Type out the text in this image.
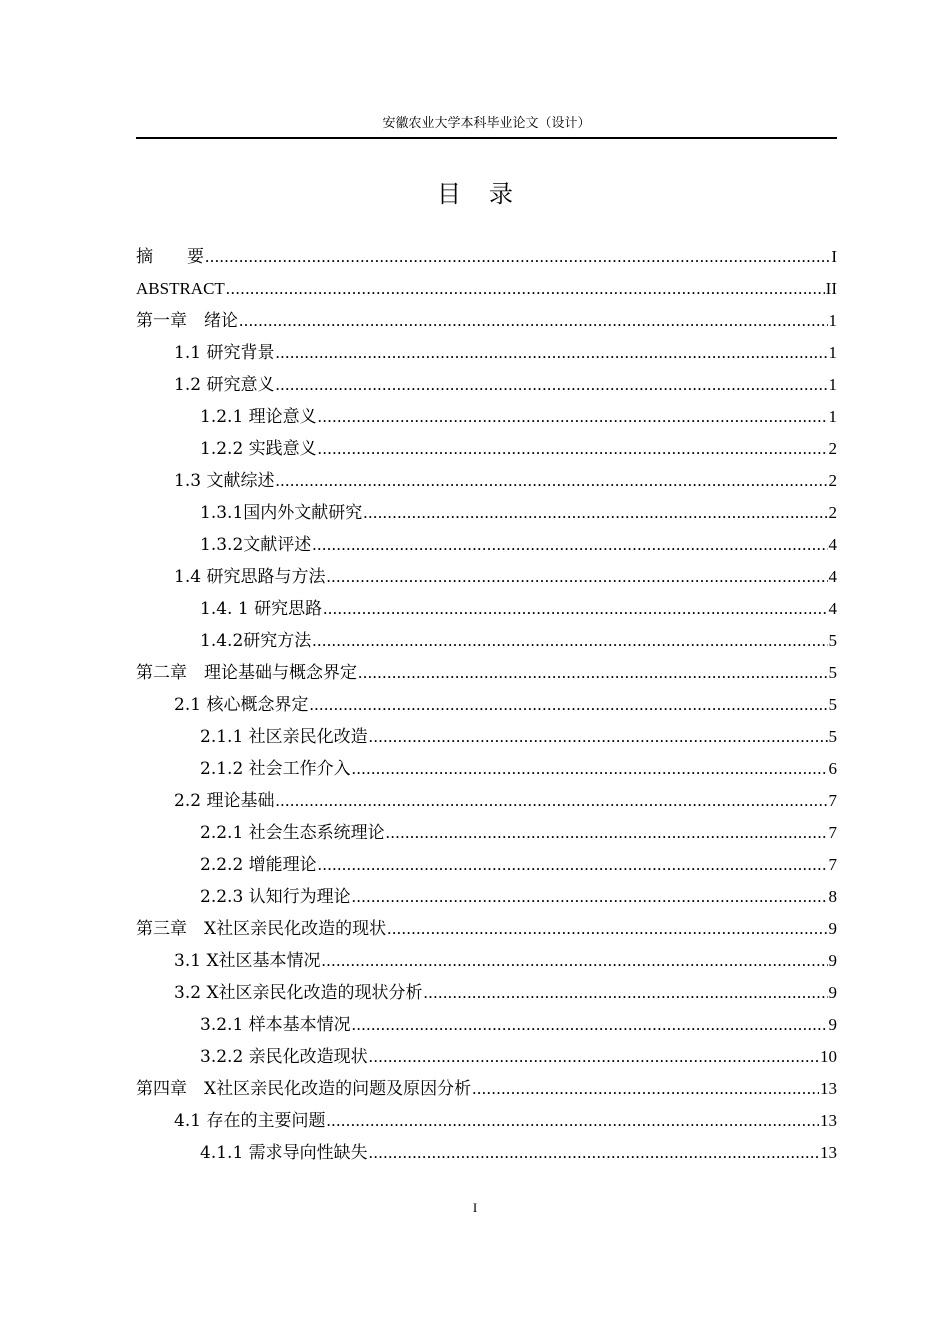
安徽农业大学本科毕业论文（设计）
目录
摘　　要 .....	I
ABSTRACT .....	II
第一章　绪论 .....	1
1.1 研究背景 .....	1
1.2 研究意义 .....	1
1.2.1 理论意义 .....	1
1.2.2 实践意义 .....	2
1.3 文献综述 .....	2
1.3.1国内外文献研究 .....	2
1.3.2文献评述 .....	4
1.4 研究思路与方法 .....	4
1.4. 1 研究思路 .....	4
1.4.2研究方法 .....	5
第二章　理论基础与概念界定 .....	5
2.1 核心概念界定 .....	5
2.1.1 社区亲民化改造 .....	5
2.1.2 社会工作介入 .....	6
2.2 理论基础 .....	7
2.2.1 社会生态系统理论 .....	7
2.2.2 增能理论 .....	7
2.2.3 认知行为理论 .....	8
第三章　X社区亲民化改造的现状 .....	9
3.1 X社区基本情况 .....	9
3.2 X社区亲民化改造的现状分析 .....	9
3.2.1 样本基本情况 .....	9
3.2.2 亲民化改造现状 .....	10
第四章　X社区亲民化改造的问题及原因分析 .....	13
4.1 存在的主要问题 .....	13
4.1.1 需求导向性缺失 .....	13
I
